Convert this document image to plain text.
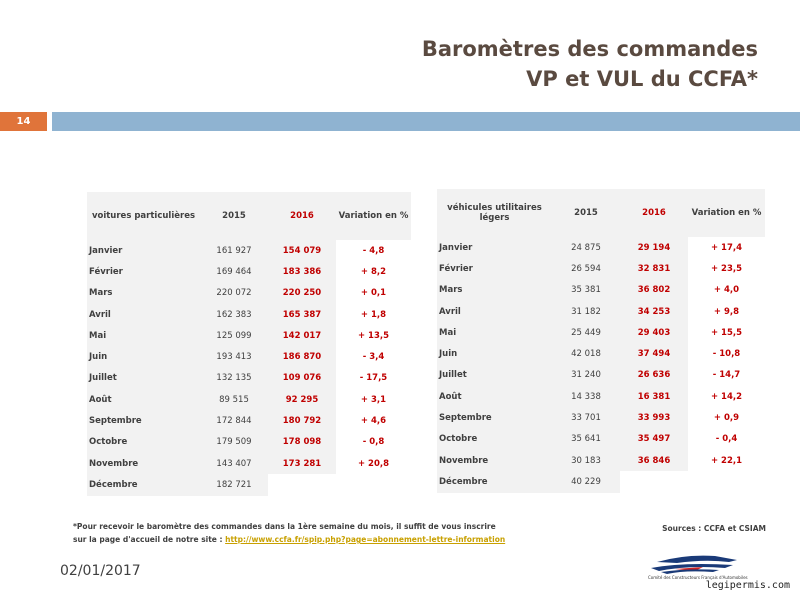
Baromètres des commandes
VP et VUL du CCFA*
14
voitures particulières	2015	2016	Variation en %
Janvier	161 927	154 079	- 4,8
Février	169 464	183 386	+ 8,2
Mars	220 072	220 250	+ 0,1
Avril	162 383	165 387	+ 1,8
Mai	125 099	142 017	+ 13,5
Juin	193 413	186 870	- 3,4
Juillet	132 135	109 076	- 17,5
Août	89 515	92 295	+ 3,1
Septembre	172 844	180 792	+ 4,6
Octobre	179 509	178 098	- 0,8
Novembre	143 407	173 281	+ 20,8
Décembre	182 721		
véhicules utilitaires légers	2015	2016	Variation en %
Janvier	24 875	29 194	+ 17,4
Février	26 594	32 831	+ 23,5
Mars	35 381	36 802	+ 4,0
Avril	31 182	34 253	+ 9,8
Mai	25 449	29 403	+ 15,5
Juin	42 018	37 494	- 10,8
Juillet	31 240	26 636	- 14,7
Août	14 338	16 381	+ 14,2
Septembre	33 701	33 993	+ 0,9
Octobre	35 641	35 497	- 0,4
Novembre	30 183	36 846	+ 22,1
Décembre	40 229		
*Pour recevoir le baromètre des commandes dans la 1ère semaine du mois, il suffit de vous inscrire
sur la page d'accueil de notre site : http://www.ccfa.fr/spip.php?page=abonnement-lettre-information
Sources : CCFA et CSIAM
02/01/2017	Comité des Constructeurs Français d'Automobiles
legipermis.com
